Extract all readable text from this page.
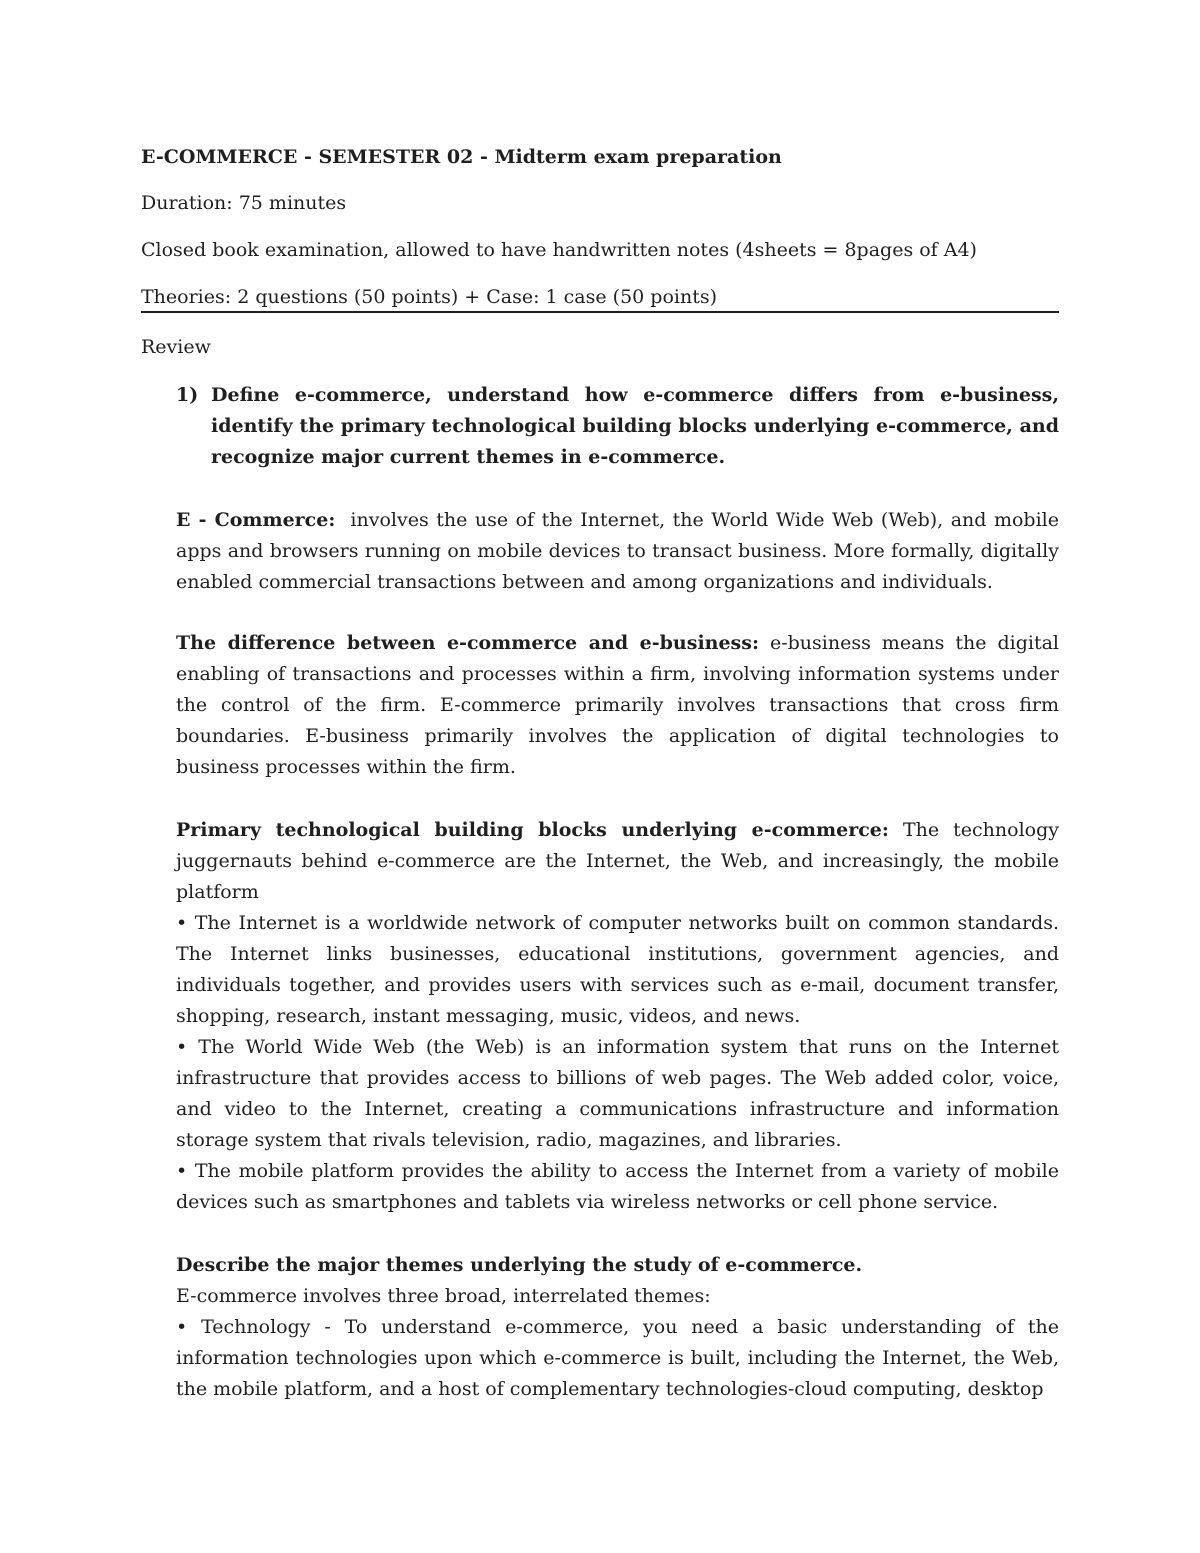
E-COMMERCE - SEMESTER 02 - Midterm exam preparation
Duration: 75 minutes
Closed book examination, allowed to have handwritten notes (4sheets = 8pages of A4)
Theories: 2 questions (50 points) + Case: 1 case (50 points)
Review
1) Define e-commerce, understand how e-commerce differs from e-business, identify the primary technological building blocks underlying e-commerce, and recognize major current themes in e-commerce.

E - Commerce: involves the use of the Internet, the World Wide Web (Web), and mobile apps and browsers running on mobile devices to transact business. More formally, digitally enabled commercial transactions between and among organizations and individuals.

The difference between e-commerce and e-business: e-business means the digital enabling of transactions and processes within a firm, involving information systems under the control of the firm. E-commerce primarily involves transactions that cross firm boundaries. E-business primarily involves the application of digital technologies to business processes within the firm.

Primary technological building blocks underlying e-commerce: The technology juggernauts behind e-commerce are the Internet, the Web, and increasingly, the mobile platform

• The Internet is a worldwide network of computer networks built on common standards. The Internet links businesses, educational institutions, government agencies, and individuals together, and provides users with services such as e-mail, document transfer, shopping, research, instant messaging, music, videos, and news.

• The World Wide Web (the Web) is an information system that runs on the Internet infrastructure that provides access to billions of web pages. The Web added color, voice, and video to the Internet, creating a communications infrastructure and information storage system that rivals television, radio, magazines, and libraries.

• The mobile platform provides the ability to access the Internet from a variety of mobile devices such as smartphones and tablets via wireless networks or cell phone service.

Describe the major themes underlying the study of e-commerce.

E-commerce involves three broad, interrelated themes:

• Technology - To understand e-commerce, you need a basic understanding of the information technologies upon which e-commerce is built, including the Internet, the Web, the mobile platform, and a host of complementary technologies-cloud computing, desktop
